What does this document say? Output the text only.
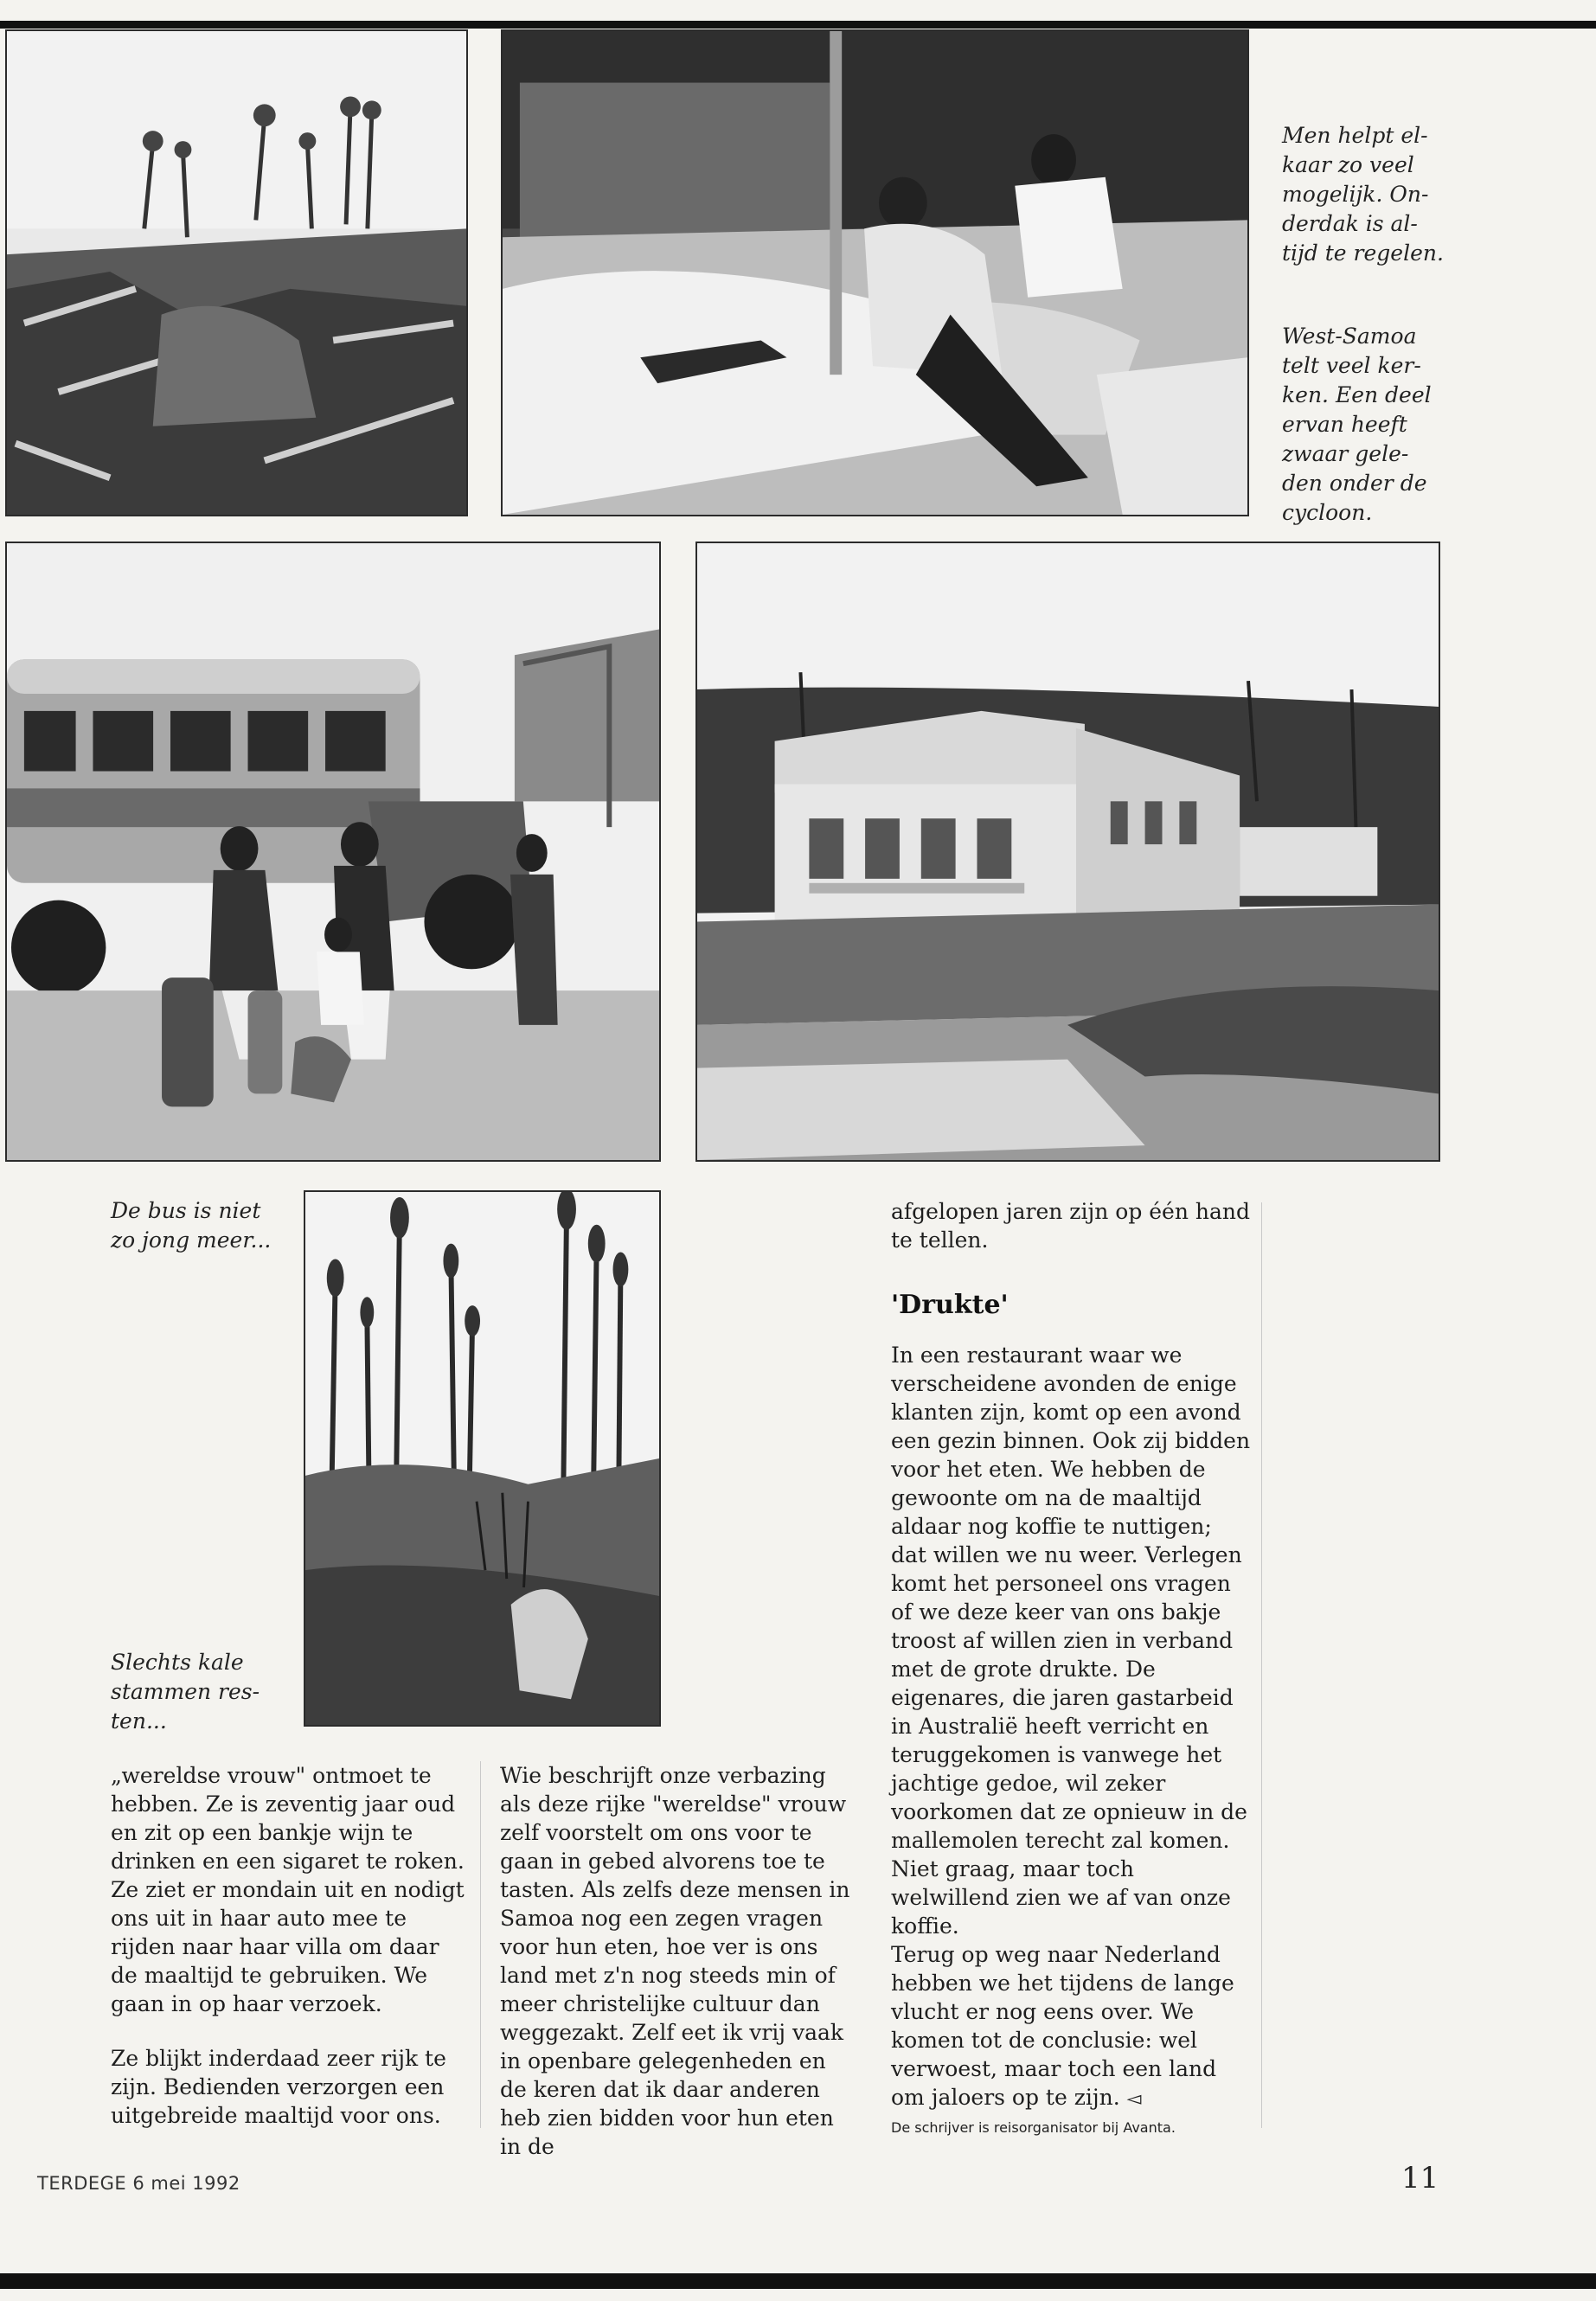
Men helpt el-
kaar zo veel
mogelijk. On-
derdak is al-
tijd te regelen.
West-Samoa
telt veel ker-
ken. Een deel
ervan heeft
zwaar gele-
den onder de
cycloon.
De bus is niet
zo jong meer...
Slechts kale
stammen res-
ten...

„wereldse vrouw" ontmoet te hebben. Ze is zeventig jaar oud en zit op een bankje wijn te drinken en een sigaret te roken. Ze ziet er mondain uit en nodigt ons uit in haar auto mee te rijden naar haar villa om daar de maaltijd te gebruiken. We gaan in op haar verzoek.

Ze blijkt inderdaad zeer rijk te zijn. Bedienden verzorgen een uitgebreide maaltijd voor ons.

Wie beschrijft onze verbazing als deze rijke "wereldse" vrouw zelf voorstelt om ons voor te gaan in gebed alvorens toe te tasten. Als zelfs deze mensen in Samoa nog een zegen vragen voor hun eten, hoe ver is ons land met z'n nog steeds min of meer christelijke cultuur dan weggezakt. Zelf eet ik vrij vaak in openbare gelegenheden en de keren dat ik daar anderen heb zien bidden voor hun eten in de

afgelopen jaren zijn op één hand te tellen.

'Drukte'

In een restaurant waar we verscheidene avonden de enige klanten zijn, komt op een avond een gezin binnen. Ook zij bidden voor het eten. We hebben de gewoonte om na de maaltijd aldaar nog koffie te nuttigen; dat willen we nu weer. Verlegen komt het personeel ons vragen of we deze keer van ons bakje troost af willen zien in verband met de grote drukte. De eigenares, die jaren gastarbeid in Australië heeft verricht en teruggekomen is vanwege het jachtige gedoe, wil zeker voorkomen dat ze opnieuw in de mallemolen terecht zal komen. Niet graag, maar toch welwillend zien we af van onze koffie.

Terug op weg naar Nederland hebben we het tijdens de lange vlucht er nog eens over. We komen tot de conclusie: wel verwoest, maar toch een land om jaloers op te zijn. ◅

De schrijver is reisorganisator bij Avanta.
TERDEGE 6 mei 1992	11
